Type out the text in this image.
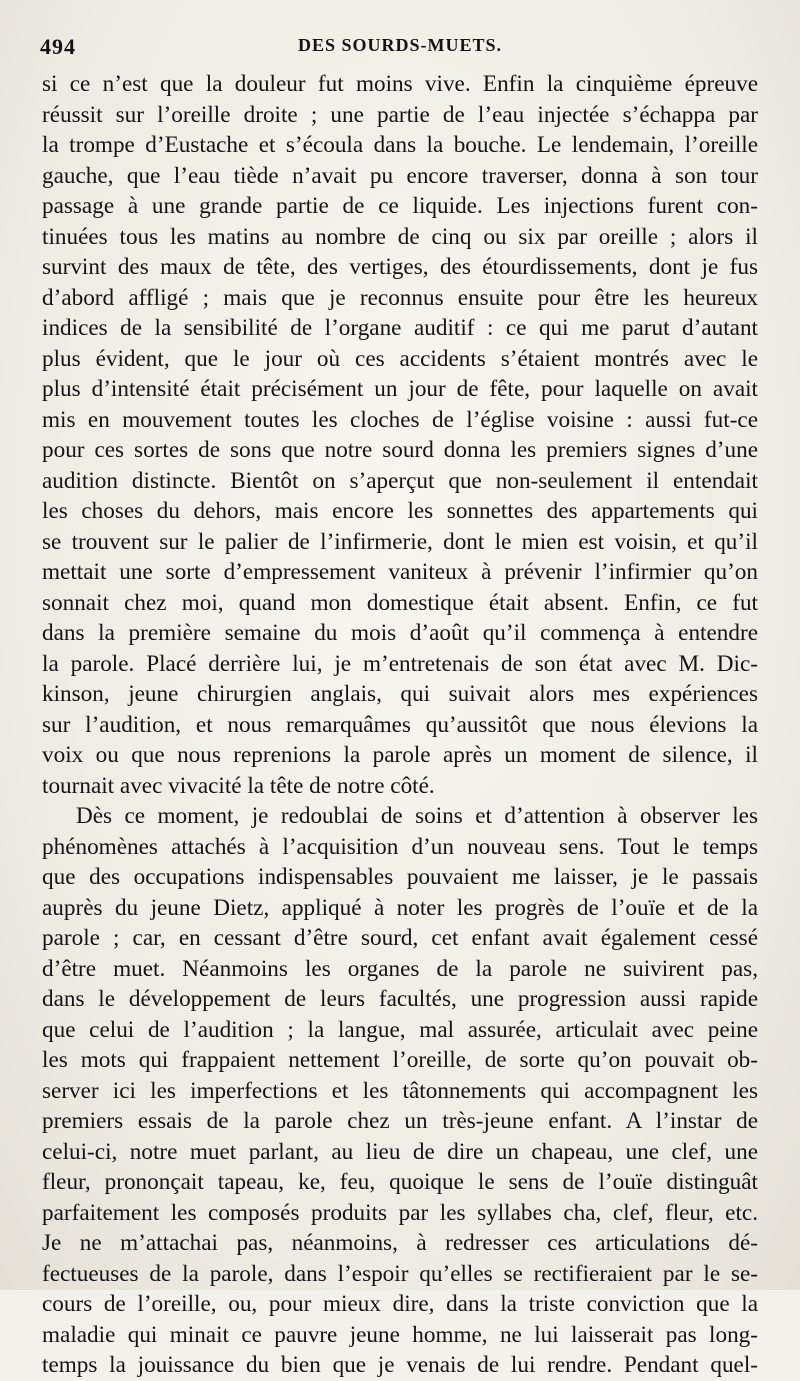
494	DES SOURDS-MUETS.
si ce n’est que la douleur fut moins vive. Enfin la cinquième épreuve
réussit sur l’oreille droite ; une partie de l’eau injectée s’échappa par
la trompe d’Eustache et s’écoula dans la bouche. Le lendemain, l’oreille
gauche, que l’eau tiède n’avait pu encore traverser, donna à son tour
passage à une grande partie de ce liquide. Les injections furent con-
tinuées tous les matins au nombre de cinq ou six par oreille ; alors il
survint des maux de tête, des vertiges, des étourdissements, dont je fus
d’abord affligé ; mais que je reconnus ensuite pour être les heureux
indices de la sensibilité de l’organe auditif : ce qui me parut d’autant
plus évident, que le jour où ces accidents s’étaient montrés avec le
plus d’intensité était précisément un jour de fête, pour laquelle on avait
mis en mouvement toutes les cloches de l’église voisine : aussi fut-ce
pour ces sortes de sons que notre sourd donna les premiers signes d’une
audition distincte. Bientôt on s’aperçut que non-seulement il entendait
les choses du dehors, mais encore les sonnettes des appartements qui
se trouvent sur le palier de l’infirmerie, dont le mien est voisin, et qu’il
mettait une sorte d’empressement vaniteux à prévenir l’infirmier qu’on
sonnait chez moi, quand mon domestique était absent. Enfin, ce fut
dans la première semaine du mois d’août qu’il commença à entendre
la parole. Placé derrière lui, je m’entretenais de son état avec M. Dic-
kinson, jeune chirurgien anglais, qui suivait alors mes expériences
sur l’audition, et nous remarquâmes qu’aussitôt que nous élevions la
voix ou que nous reprenions la parole après un moment de silence, il
tournait avec vivacité la tête de notre côté.
Dès ce moment, je redoublai de soins et d’attention à observer les
phénomènes attachés à l’acquisition d’un nouveau sens. Tout le temps
que des occupations indispensables pouvaient me laisser, je le passais
auprès du jeune Dietz, appliqué à noter les progrès de l’ouïe et de la
parole ; car, en cessant d’être sourd, cet enfant avait également cessé
d’être muet. Néanmoins les organes de la parole ne suivirent pas,
dans le développement de leurs facultés, une progression aussi rapide
que celui de l’audition ; la langue, mal assurée, articulait avec peine
les mots qui frappaient nettement l’oreille, de sorte qu’on pouvait ob-
server ici les imperfections et les tâtonnements qui accompagnent les
premiers essais de la parole chez un très-jeune enfant. A l’instar de
celui-ci, notre muet parlant, au lieu de dire un chapeau, une clef, une
fleur, prononçait tapeau, ke, feu, quoique le sens de l’ouïe distinguât
parfaitement les composés produits par les syllabes cha, clef, fleur, etc.
Je ne m’attachai pas, néanmoins, à redresser ces articulations dé-
fectueuses de la parole, dans l’espoir qu’elles se rectifieraient par le se-
cours de l’oreille, ou, pour mieux dire, dans la triste conviction que la
maladie qui minait ce pauvre jeune homme, ne lui laisserait pas long-
temps la jouissance du bien que je venais de lui rendre. Pendant quel-
